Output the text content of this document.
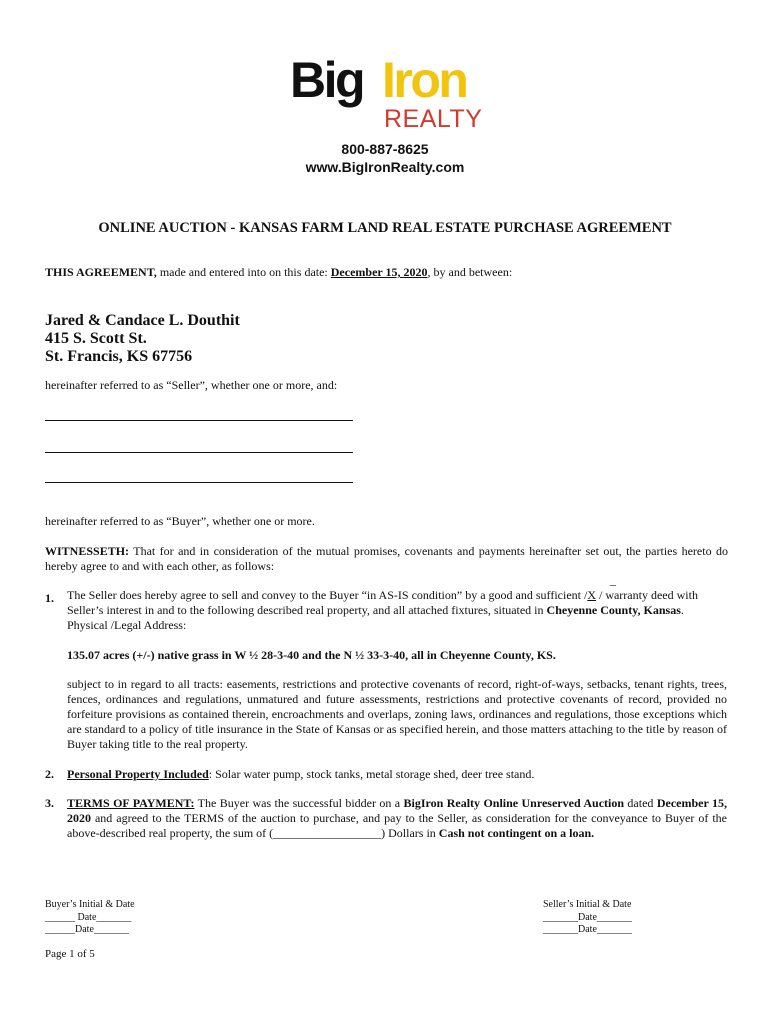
Big Iron
REALTY
800-887-8625
www.BigIronRealty.com
ONLINE AUCTION - KANSAS FARM LAND REAL ESTATE PURCHASE AGREEMENT
THIS AGREEMENT, made and entered into on this date: December 15, 2020, by and between:
Jared & Candace L. Douthit
415 S. Scott St.
St. Francis, KS 67756
hereinafter referred to as “Seller”, whether one or more, and:
hereinafter referred to as “Buyer”, whether one or more.
WITNESSETH: That for and in consideration of the mutual promises, covenants and payments hereinafter set out, the parties hereto do hereby agree to and with each other, as follows:
1.
_
The Seller does hereby agree to sell and convey to the Buyer “in AS-IS condition” by a good and sufficient /X / warranty deed with Seller’s interest in and to the following described real property, and all attached fixtures, situated in Cheyenne County, Kansas.
Physical /Legal Address:
135.07 acres (+/-) native grass in W ½ 28-3-40 and the N ½ 33-3-40, all in Cheyenne County, KS.
subject to in regard to all tracts: easements, restrictions and protective covenants of record, right-of-ways, setbacks, tenant rights, trees, fences, ordinances and regulations, unmatured and future assessments, restrictions and protective covenants of record, provided no forfeiture provisions as contained therein, encroachments and overlaps, zoning laws, ordinances and regulations, those exceptions which are standard to a policy of title insurance in the State of Kansas or as specified herein, and those matters attaching to the title by reason of Buyer taking title to the real property.
2. Personal Property Included: Solar water pump, stock tanks, metal storage shed, deer tree stand.
3. TERMS OF PAYMENT: The Buyer was the successful bidder on a BigIron Realty Online Unreserved Auction dated December 15, 2020 and agreed to the TERMS of the auction to purchase, and pay to the Seller, as consideration for the conveyance to Buyer of the above-described real property, the sum of (__________________) Dollars in Cash not contingent on a loan.
Buyer’s Initial & Date
______ Date_______
______Date_______
Seller’s Initial & Date
_______Date_______
_______Date_______
Page 1 of 5
